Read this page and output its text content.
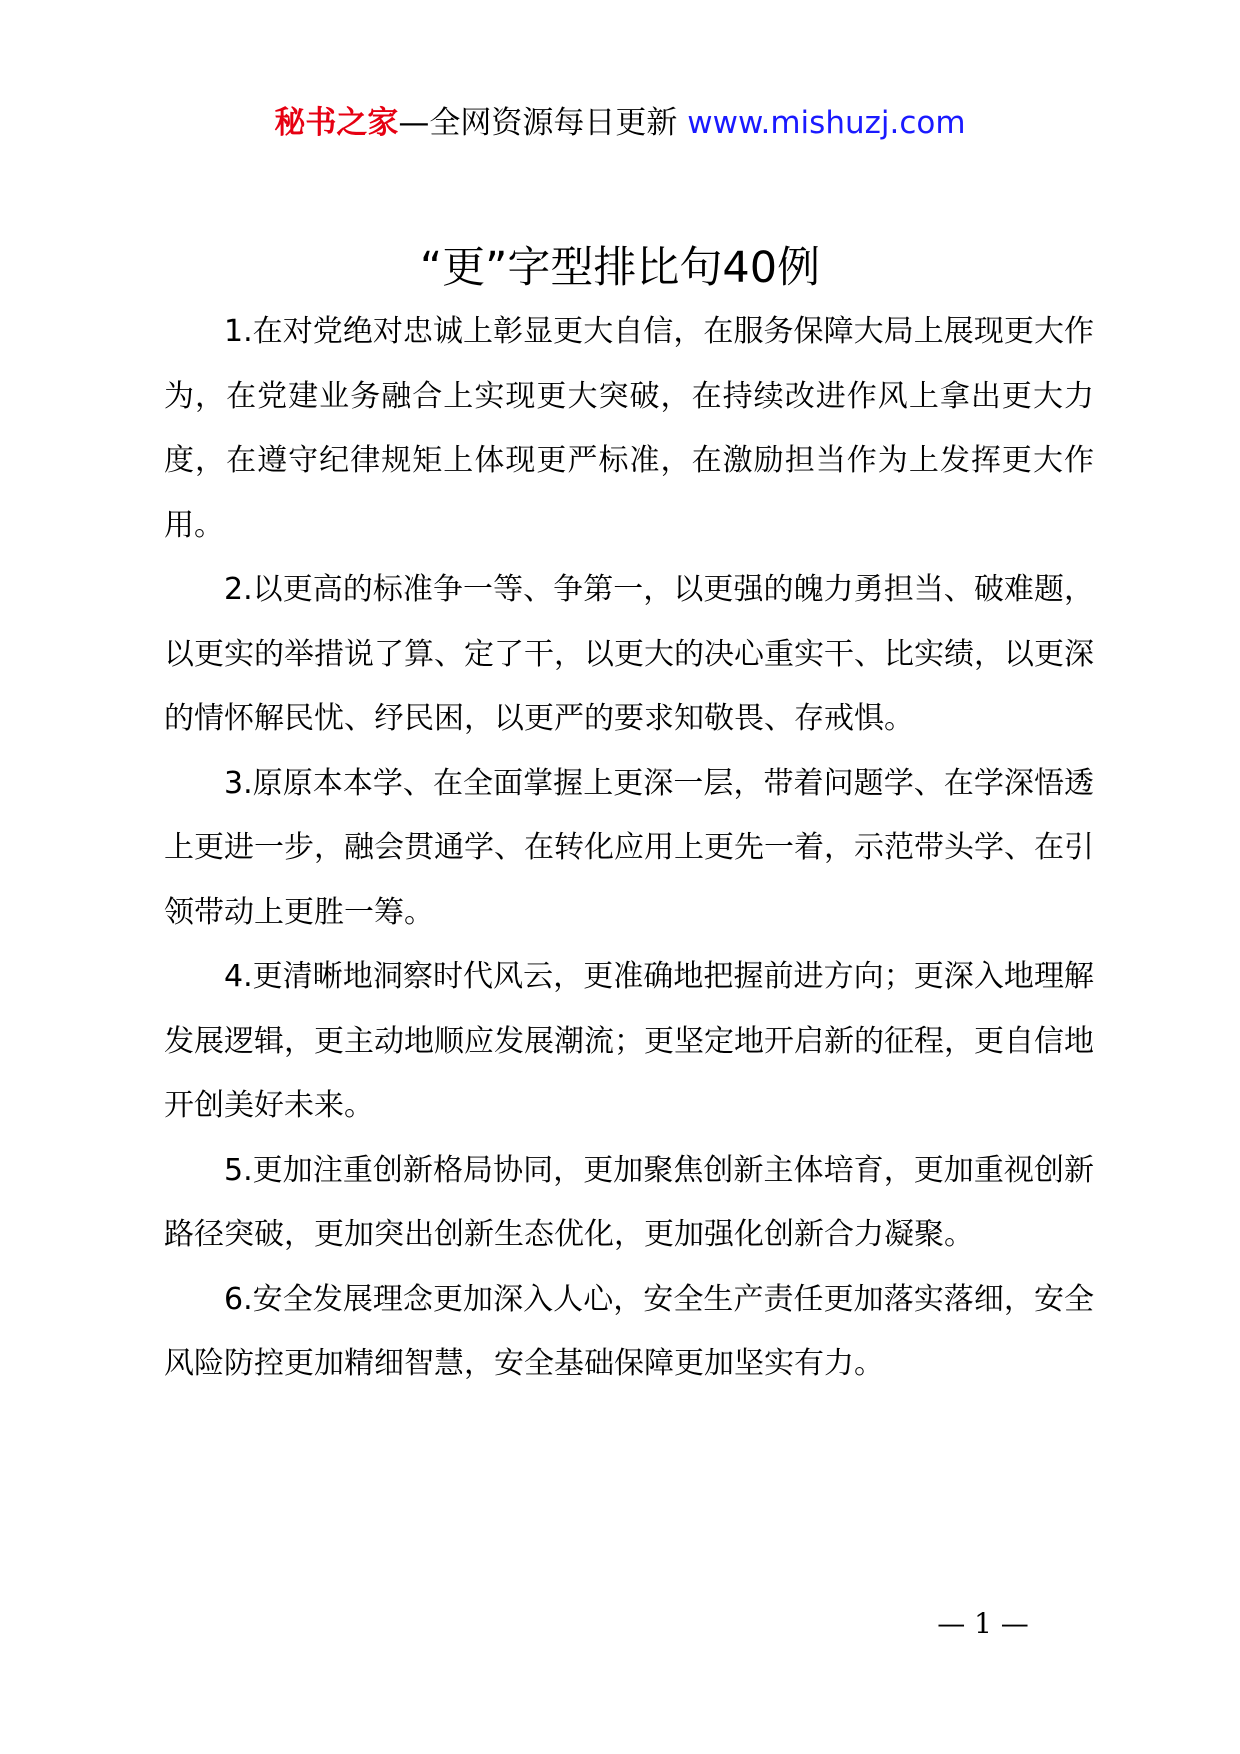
秘书之家—全网资源每日更新 www.mishuzj.com
“更”字型排比句40例

1.在对党绝对忠诚上彰显更大自信，在服务保障大局上展现更大作为，在党建业务融合上实现更大突破，在持续改进作风上拿出更大力度，在遵守纪律规矩上体现更严标准，在激励担当作为上发挥更大作用。

2.以更高的标准争一等、争第一，以更强的魄力勇担当、破难题，以更实的举措说了算、定了干，以更大的决心重实干、比实绩，以更深的情怀解民忧、纾民困，以更严的要求知敬畏、存戒惧。

3.原原本本学、在全面掌握上更深一层，带着问题学、在学深悟透上更进一步，融会贯通学、在转化应用上更先一着，示范带头学、在引领带动上更胜一筹。

4.更清晰地洞察时代风云，更准确地把握前进方向；更深入地理解发展逻辑，更主动地顺应发展潮流；更坚定地开启新的征程，更自信地开创美好未来。

5.更加注重创新格局协同，更加聚焦创新主体培育，更加重视创新路径突破，更加突出创新生态优化，更加强化创新合力凝聚。

6.安全发展理念更加深入人心，安全生产责任更加落实落细，安全风险防控更加精细智慧，安全基础保障更加坚实有力。

— 1 —
